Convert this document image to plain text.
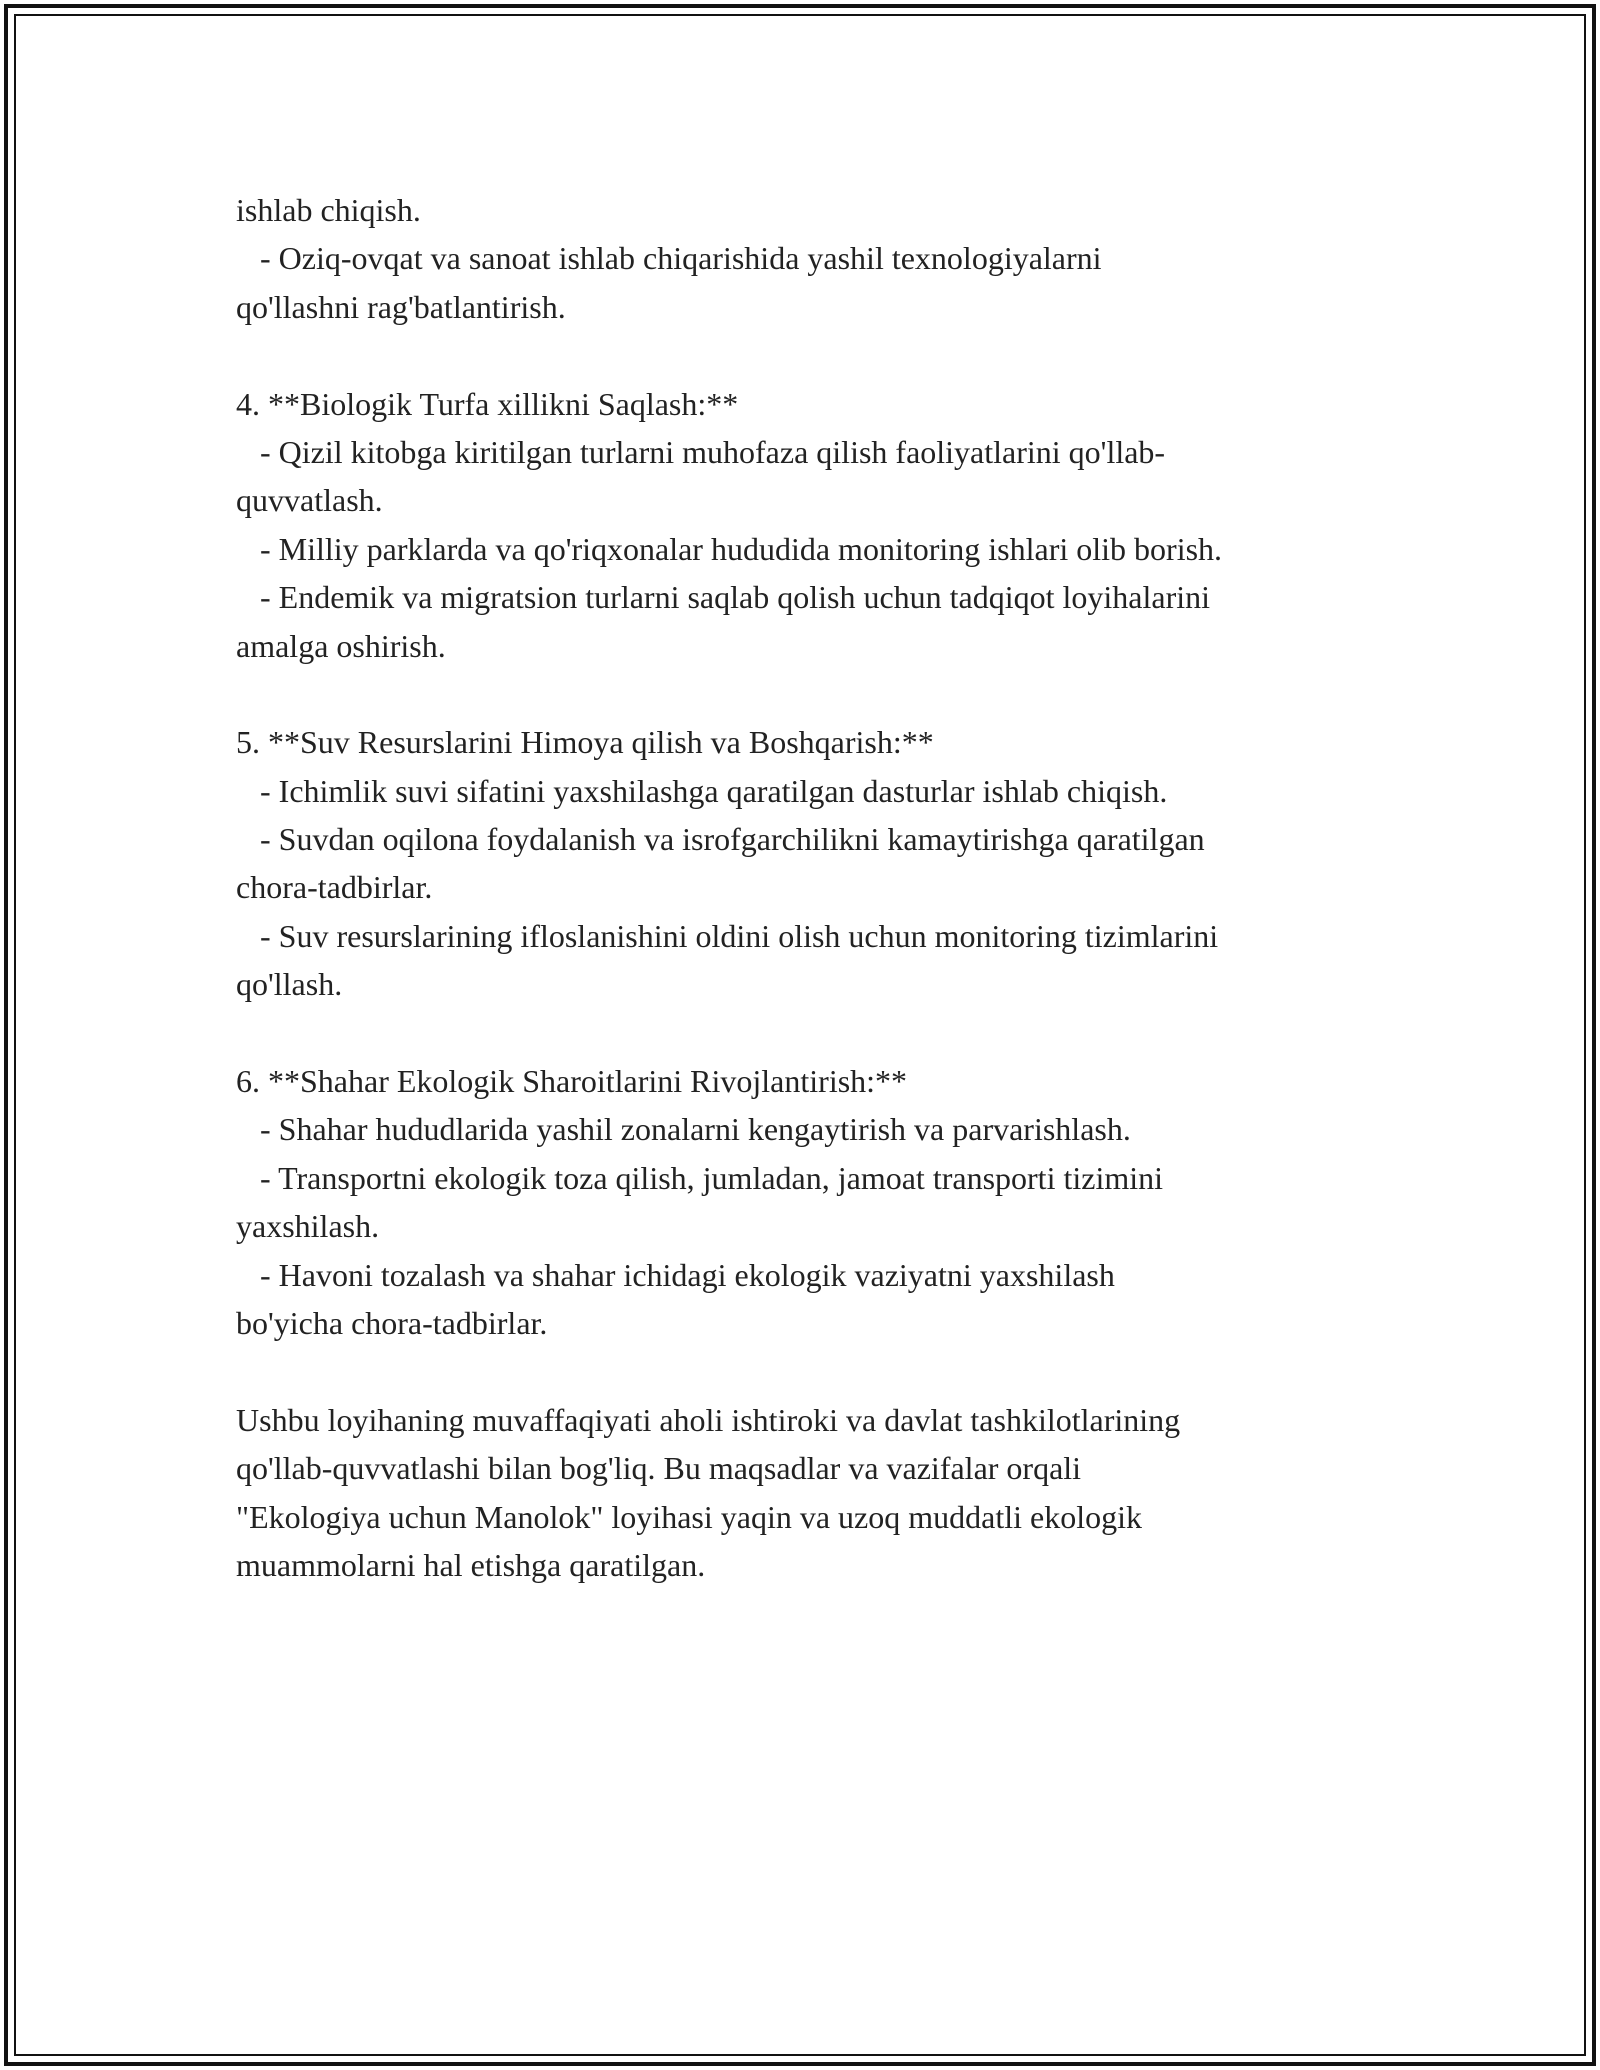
ishlab chiqish.
- Oziq-ovqat va sanoat ishlab chiqarishida yashil texnologiyalarni
qo'llashni rag'batlantirish.
4. **Biologik Turfa xillikni Saqlash:**
- Qizil kitobga kiritilgan turlarni muhofaza qilish faoliyatlarini qo'llab-
quvvatlash.
- Milliy parklarda va qo'riqxonalar hududida monitoring ishlari olib borish.
- Endemik va migratsion turlarni saqlab qolish uchun tadqiqot loyihalarini
amalga oshirish.
5. **Suv Resurslarini Himoya qilish va Boshqarish:**
- Ichimlik suvi sifatini yaxshilashga qaratilgan dasturlar ishlab chiqish.
- Suvdan oqilona foydalanish va isrofgarchilikni kamaytirishga qaratilgan
chora-tadbirlar.
- Suv resurslarining ifloslanishini oldini olish uchun monitoring tizimlarini
qo'llash.
6. **Shahar Ekologik Sharoitlarini Rivojlantirish:**
- Shahar hududlarida yashil zonalarni kengaytirish va parvarishlash.
- Transportni ekologik toza qilish, jumladan, jamoat transporti tizimini
yaxshilash.
- Havoni tozalash va shahar ichidagi ekologik vaziyatni yaxshilash
bo'yicha chora-tadbirlar.
Ushbu loyihaning muvaffaqiyati aholi ishtiroki va davlat tashkilotlarining
qo'llab-quvvatlashi bilan bog'liq. Bu maqsadlar va vazifalar orqali
"Ekologiya uchun Manolok" loyihasi yaqin va uzoq muddatli ekologik
muammolarni hal etishga qaratilgan.
